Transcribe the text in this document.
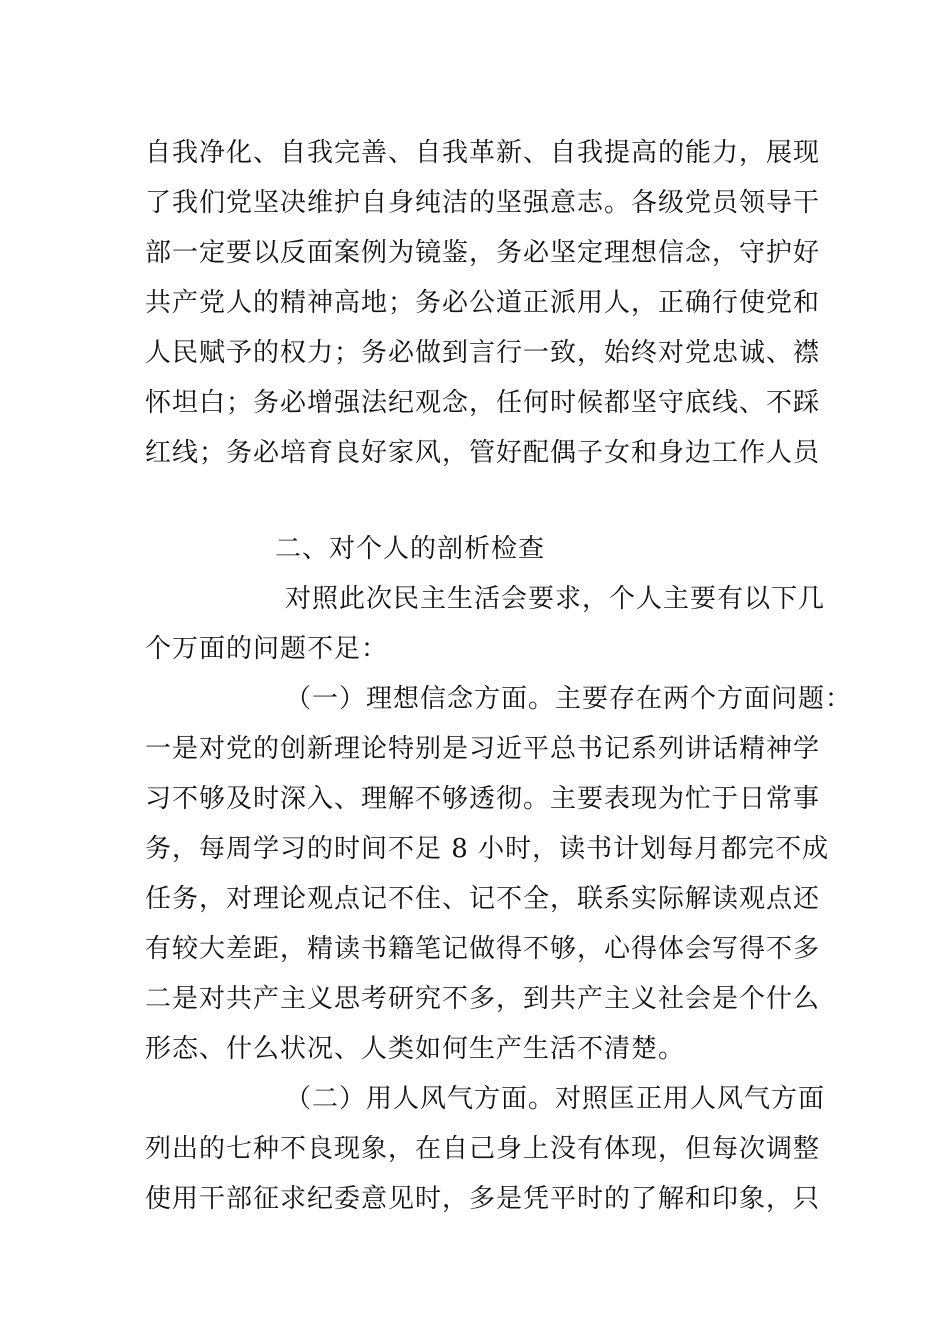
自我净化、自我完善、自我革新、自我提高的能力，展现
了我们党坚决维护自身纯洁的坚强意志。各级党员领导干
部一定要以反面案例为镜鉴，务必坚定理想信念，守护好
共产党人的精神高地；务必公道正派用人，正确行使党和
人民赋予的权力；务必做到言行一致，始终对党忠诚、襟
怀坦白；务必增强法纪观念，任何时候都坚守底线、不踩
红线；务必培育良好家风，管好配偶子女和身边工作人员
二、对个人的剖析检查
对照此次民主生活会要求，个人主要有以下几
个万面的问题不足：
（一）理想信念方面。主要存在两个方面问题：
一是对党的创新理论特别是习近平总书记系列讲话精神学
习不够及时深入、理解不够透彻。主要表现为忙于日常事
务，每周学习的时间不足 8 小时，读书计划每月都完不成
任务，对理论观点记不住、记不全，联系实际解读观点还
有较大差距，精读书籍笔记做得不够，心得体会写得不多
二是对共产主义思考研究不多，到共产主义社会是个什么
形态、什么状况、人类如何生产生活不清楚。
（二）用人风气方面。对照匡正用人风气方面
列出的七种不良现象，在自己身上没有体现，但每次调整
使用干部征求纪委意见时，多是凭平时的了解和印象，只
